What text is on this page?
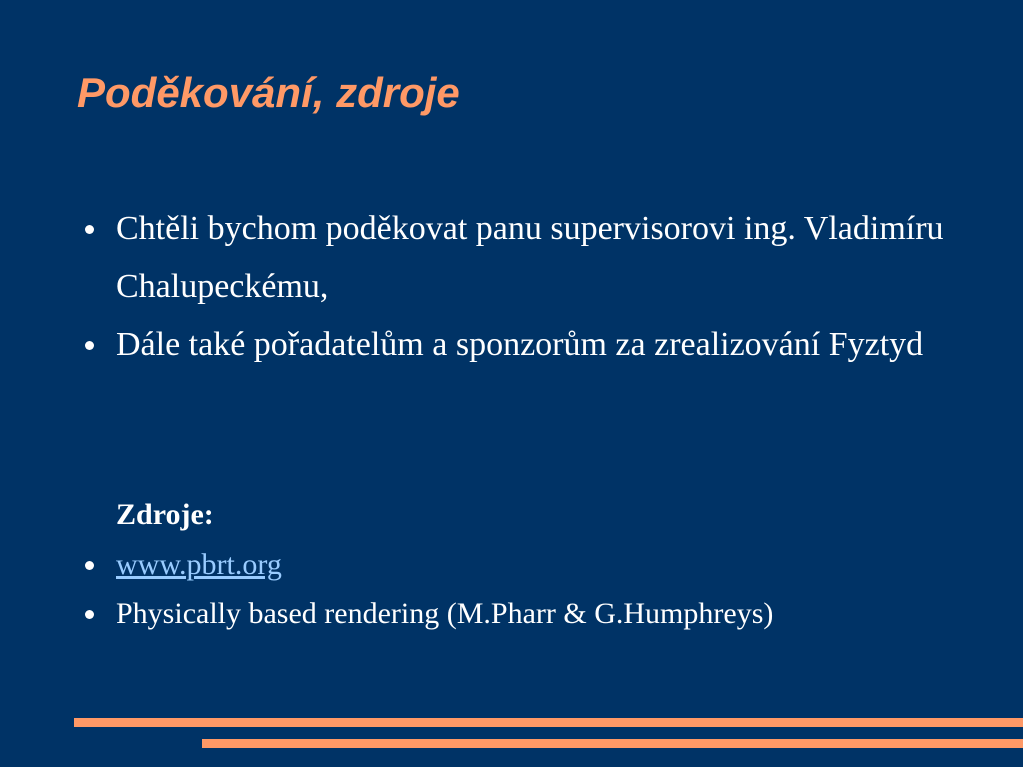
Poděkování, zdroje
Chtěli bychom poděkovat panu supervisorovi ing. Vladimíru Chalupeckému,
Dále také pořadatelům a sponzorům za zrealizování Fyztyd
Zdroje:
www.pbrt.org
Physically based rendering (M.Pharr & G.Humphreys)
